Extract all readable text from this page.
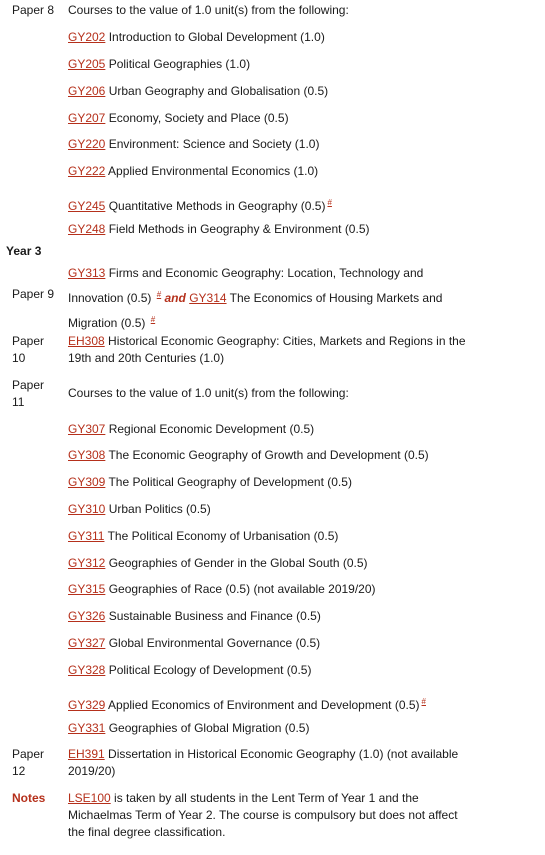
Paper 8 Courses to the value of 1.0 unit(s) from the following:
GY202 Introduction to Global Development (1.0)
GY205 Political Geographies (1.0)
GY206 Urban Geography and Globalisation (0.5)
GY207 Economy, Society and Place (0.5)
GY220 Environment: Science and Society (1.0)
GY222 Applied Environmental Economics (1.0)
GY245 Quantitative Methods in Geography (0.5) #
GY248 Field Methods in Geography & Environment (0.5)
Year 3
Paper 9
GY313 Firms and Economic Geography: Location, Technology and Innovation (0.5) # and GY314 The Economics of Housing Markets and Migration (0.5) #
Paper
10
EH308 Historical Economic Geography: Cities, Markets and Regions in the 19th and 20th Centuries (1.0)
Paper
11
Courses to the value of 1.0 unit(s) from the following:
GY307 Regional Economic Development (0.5)
GY308 The Economic Geography of Growth and Development (0.5)
GY309 The Political Geography of Development (0.5)
GY310 Urban Politics (0.5)
GY311 The Political Economy of Urbanisation (0.5)
GY312 Geographies of Gender in the Global South (0.5)
GY315 Geographies of Race (0.5) (not available 2019/20)
GY326 Sustainable Business and Finance (0.5)
GY327 Global Environmental Governance (0.5)
GY328 Political Ecology of Development (0.5)
GY329 Applied Economics of Environment and Development (0.5) #
GY331 Geographies of Global Migration (0.5)
Paper
12
EH391 Dissertation in Historical Economic Geography (1.0) (not available 2019/20)
Notes LSE100 is taken by all students in the Lent Term of Year 1 and the Michaelmas Term of Year 2. The course is compulsory but does not affect the final degree classification.
